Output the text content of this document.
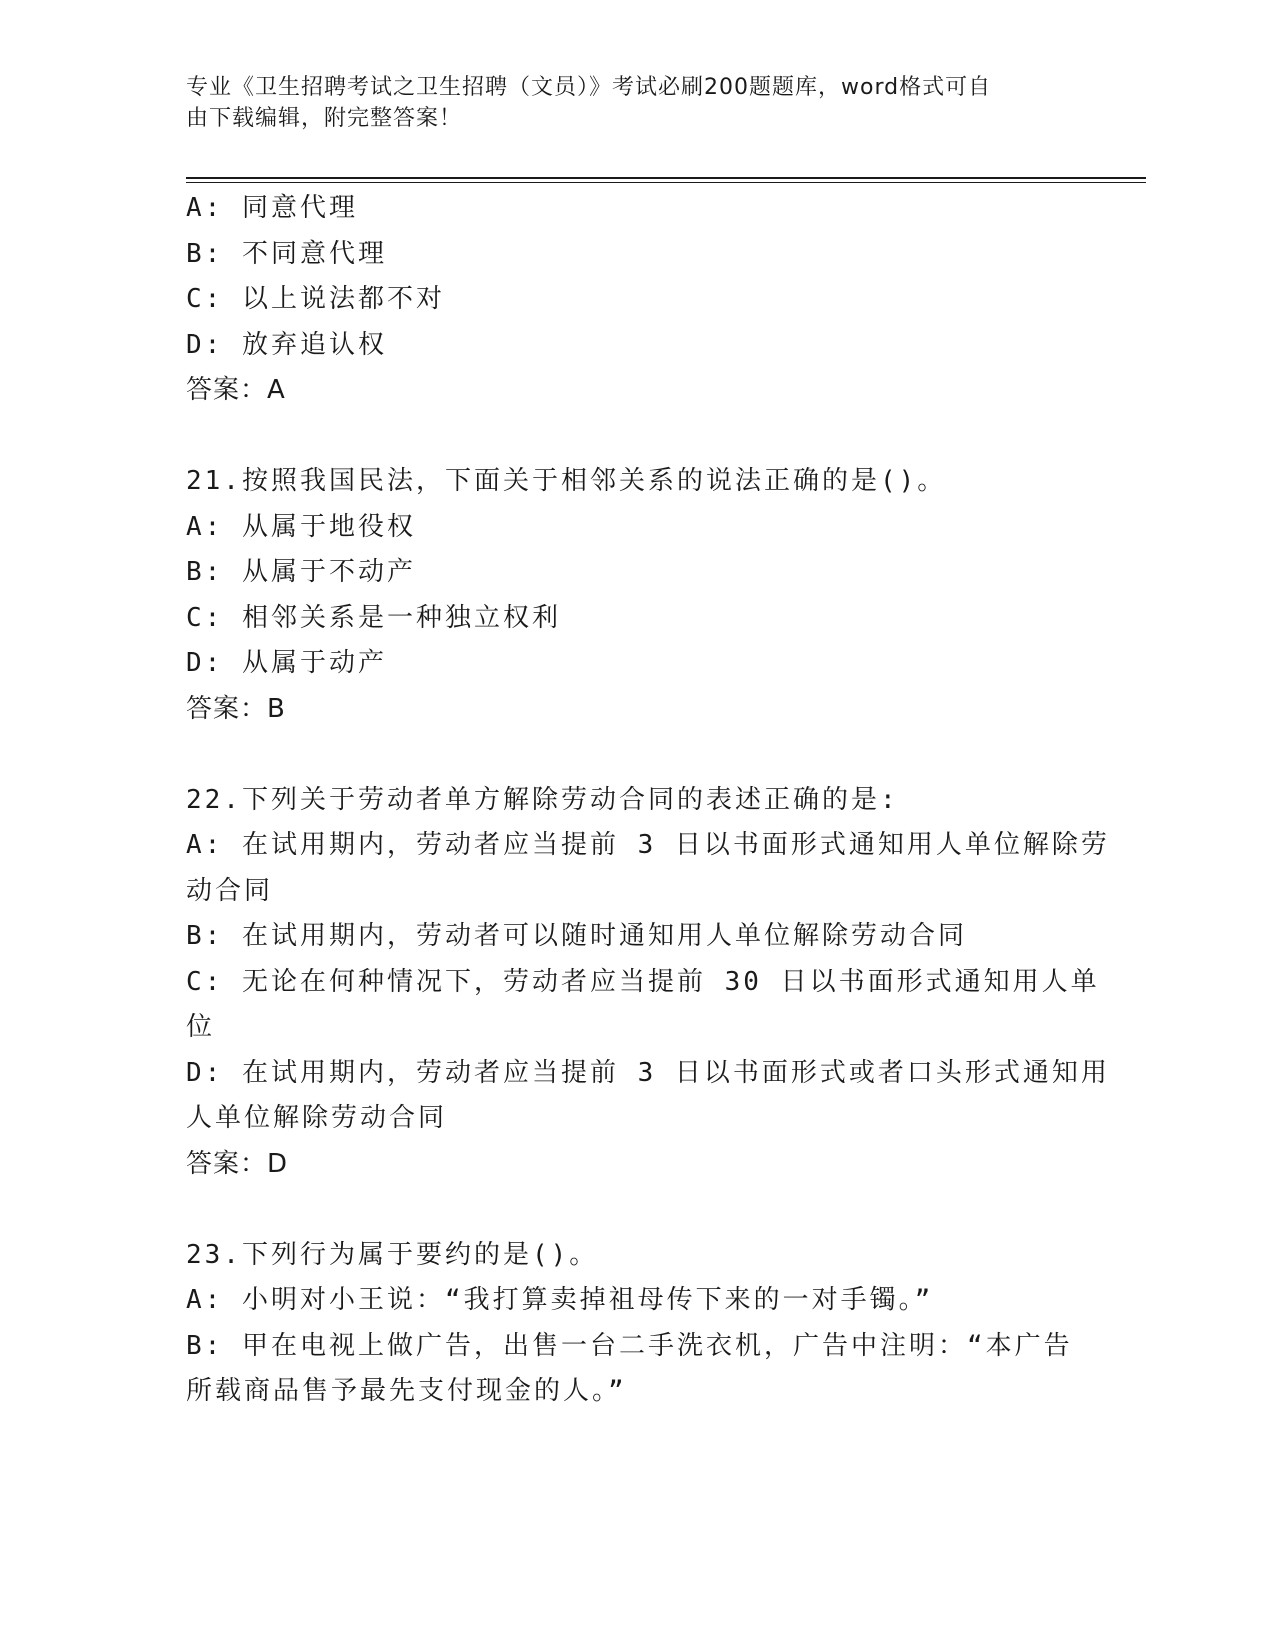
专业《卫生招聘考试之卫生招聘（文员）》考试必刷200题题库，word格式可自
由下载编辑，附完整答案！
A: 同意代理
B: 不同意代理
C: 以上说法都不对
D: 放弃追认权
答案：A
21.按照我国民法，下面关于相邻关系的说法正确的是()。
A: 从属于地役权
B: 从属于不动产
C: 相邻关系是一种独立权利
D: 从属于动产
答案：B
22.下列关于劳动者单方解除劳动合同的表述正确的是:
A: 在试用期内，劳动者应当提前 3 日以书面形式通知用人单位解除劳
动合同
B: 在试用期内，劳动者可以随时通知用人单位解除劳动合同
C: 无论在何种情况下，劳动者应当提前 30 日以书面形式通知用人单
位
D: 在试用期内，劳动者应当提前 3 日以书面形式或者口头形式通知用
人单位解除劳动合同
答案：D
23.下列行为属于要约的是()。
A: 小明对小王说：“我打算卖掉祖母传下来的一对手镯。”
B: 甲在电视上做广告，出售一台二手洗衣机，广告中注明：“本广告
所载商品售予最先支付现金的人。”
